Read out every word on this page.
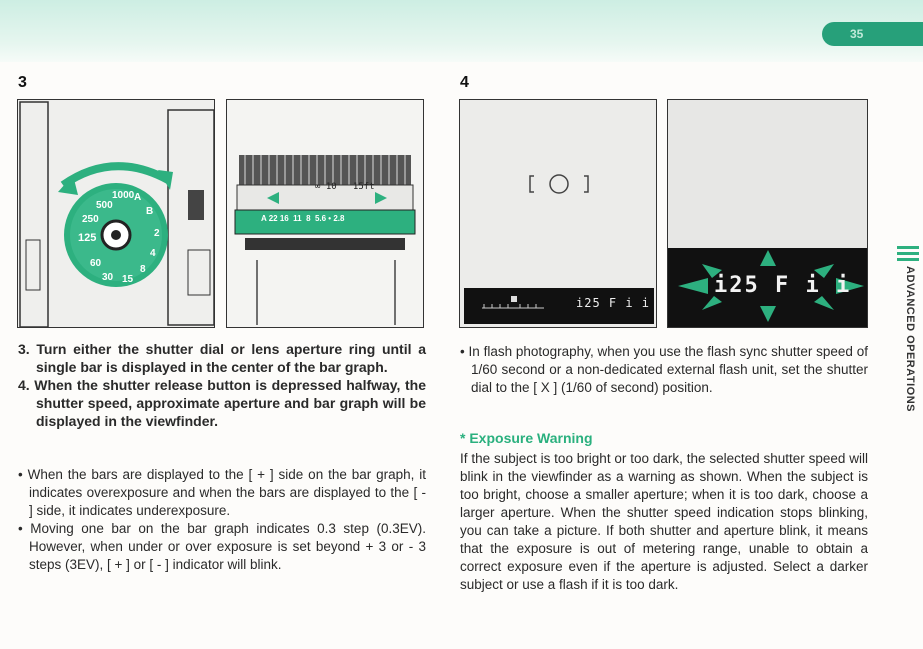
35
3	4
125
60
30 15
8
4
2
1000
500
250
A
B
∞ 10   15ft
A 22 16  11  8  5.6 • 2.8
i25 F i i
i25 F i i	ADVANCED OPERATIONS

3. Turn either the shutter dial or lens aperture ring until a single bar is displayed in the center of the bar graph.

4. When the shutter release button is depressed halfway, the shutter speed, approximate aperture and bar graph will be displayed in the viewfinder.

• When the bars are displayed to the [ + ] side on the bar graph, it indicates overexposure and when the bars are displayed to the [ - ] side, it indicates underexposure.

• Moving one bar on the bar graph indicates 0.3 step (0.3EV). However, when under or over exposure is set beyond + 3 or - 3 steps (3EV), [ + ] or [ - ] indicator will blink.

• In flash photography, when you use the flash sync shutter speed of 1/60 second or a non-dedicated external flash unit, set the shutter dial to the [ X ] (1/60 of second) position.

* Exposure Warning

If the subject is too bright or too dark, the selected shutter speed will blink in the viewfinder as a warning as shown. When the subject is too bright, choose a smaller aperture; when it is too dark, choose a larger aperture. When the shutter speed indication stops blinking, you can take a picture. If both shutter and aperture blink, it means that the exposure is out of metering range, unable to obtain a correct exposure even if the aperture is adjusted. Select a darker subject or use a flash if it is too dark.
